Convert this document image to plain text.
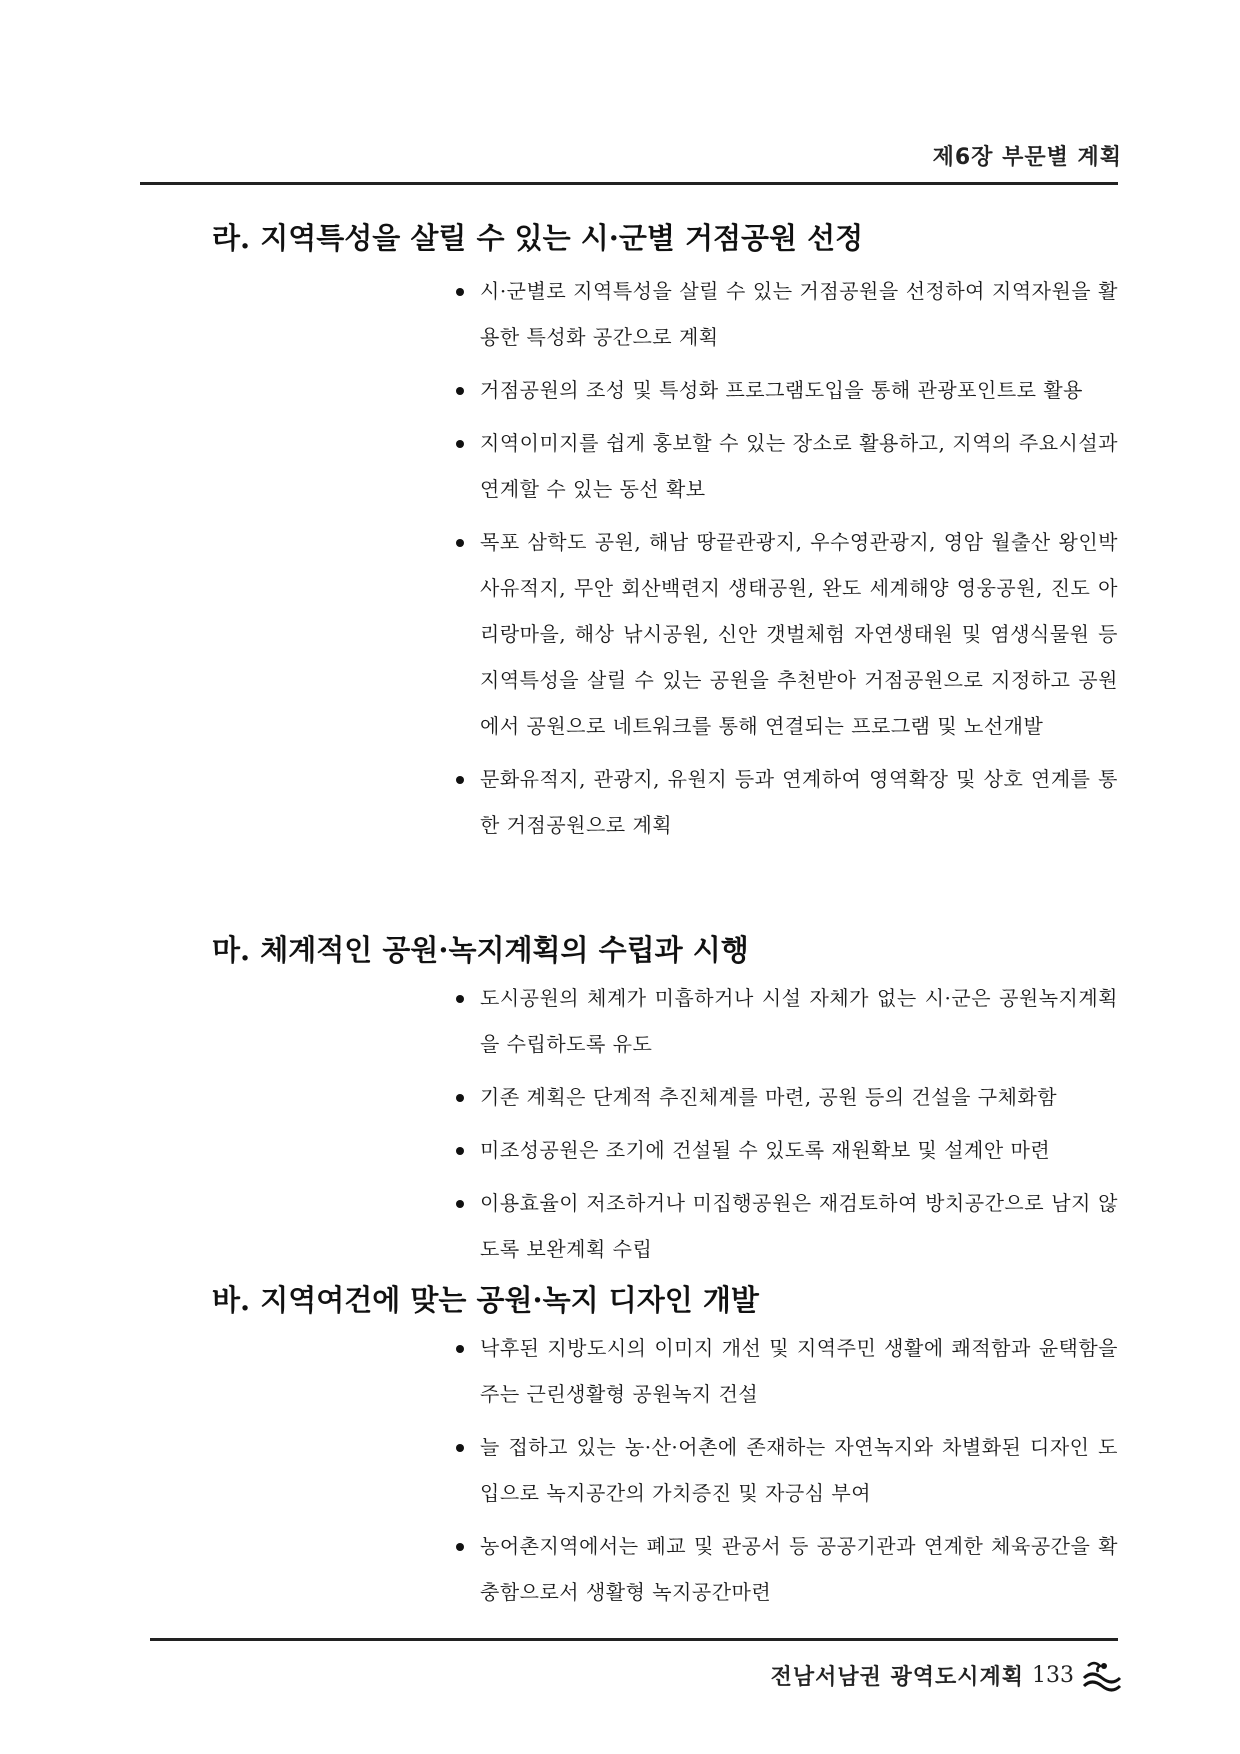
제6장 부문별 계획
라. 지역특성을 살릴 수 있는 시·군별 거점공원 선정
시·군별로 지역특성을 살릴 수 있는 거점공원을 선정하여 지역자원을 활용한 특성화 공간으로 계획
거점공원의 조성 및 특성화 프로그램도입을 통해 관광포인트로 활용
지역이미지를 쉽게 홍보할 수 있는 장소로 활용하고, 지역의 주요시설과 연계할 수 있는 동선 확보
목포 삼학도 공원, 해남 땅끝관광지, 우수영관광지, 영암 월출산 왕인박사유적지, 무안 회산백련지 생태공원, 완도 세계해양 영웅공원, 진도 아리랑마을, 해상 낚시공원, 신안 갯벌체험 자연생태원 및 염생식물원 등 지역특성을 살릴 수 있는 공원을 추천받아 거점공원으로 지정하고 공원에서 공원으로 네트워크를 통해 연결되는 프로그램 및 노선개발
문화유적지, 관광지, 유원지 등과 연계하여 영역확장 및 상호 연계를 통한 거점공원으로 계획
마. 체계적인 공원·녹지계획의 수립과 시행
도시공원의 체계가 미흡하거나 시설 자체가 없는 시·군은 공원녹지계획을 수립하도록 유도
기존 계획은 단계적 추진체계를 마련, 공원 등의 건설을 구체화함
미조성공원은 조기에 건설될 수 있도록 재원확보 및 설계안 마련
이용효율이 저조하거나 미집행공원은 재검토하여 방치공간으로 남지 않도록 보완계획 수립
바. 지역여건에 맞는 공원·녹지 디자인 개발
낙후된 지방도시의 이미지 개선 및 지역주민 생활에 쾌적함과 윤택함을 주는 근린생활형 공원녹지 건설
늘 접하고 있는 농·산·어촌에 존재하는 자연녹지와 차별화된 디자인 도입으로 녹지공간의 가치증진 및 자긍심 부여
농어촌지역에서는 폐교 및 관공서 등 공공기관과 연계한 체육공간을 확충함으로서 생활형 녹지공간마련
전남서남권 광역도시계획 133
